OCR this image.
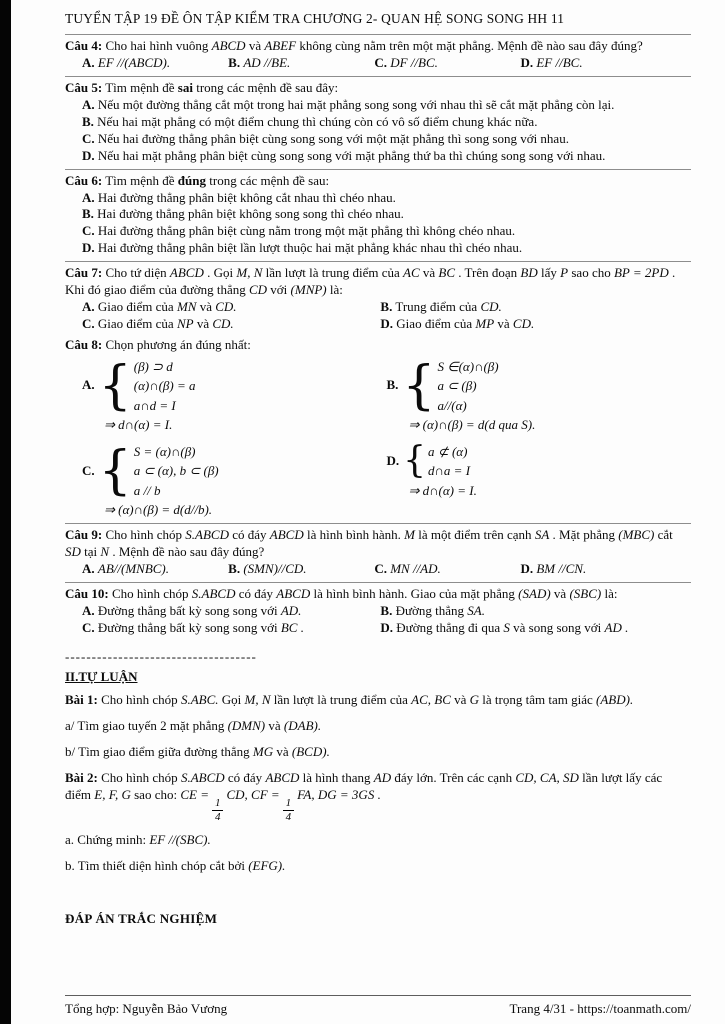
TUYỂN TẬP 19 ĐỀ ÔN TẬP KIỂM TRA CHƯƠNG 2- QUAN HỆ SONG SONG HH 11

Câu 4: Cho hai hình vuông ABCD và ABEF không cùng nằm trên một mặt phẳng. Mệnh đề nào sau đây đúng?

A. EF //(ABCD).	B. AD //BE.	C. DF //BC.	D. EF //BC.

Câu 5: Tìm mệnh đề sai trong các mệnh đề sau đây:

A. Nếu một đường thẳng cắt một trong hai mặt phẳng song song với nhau thì sẽ cắt mặt phẳng còn lại.
B. Nếu hai mặt phẳng có một điểm chung thì chúng còn có vô số điểm chung khác nữa.
C. Nếu hai đường thẳng phân biệt cùng song song với một mặt phẳng thì song song với nhau.
D. Nếu hai mặt phẳng phân biệt cùng song song với mặt phẳng thứ ba thì chúng song song với nhau.

Câu 6: Tìm mệnh đề đúng trong các mệnh đề sau:

A. Hai đường thẳng phân biệt không cắt nhau thì chéo nhau.
B. Hai đường thẳng phân biệt không song song thì chéo nhau.
C. Hai đường thẳng phân biệt cùng nằm trong một mặt phẳng thì không chéo nhau.
D. Hai đường thẳng phân biệt lần lượt thuộc hai mặt phẳng khác nhau thì chéo nhau.

Câu 7: Cho tứ diện ABCD . Gọi M, N lần lượt là trung điểm của AC và BC . Trên đoạn BD lấy P sao cho BP = 2PD . Khi đó giao điểm của đường thẳng CD với (MNP) là:

A. Giao điểm của MN và CD.	B. Trung điểm của CD.
C. Giao điểm của NP và CD.	D. Giao điểm của MP và CD.

Câu 8: Chọn phương án đúng nhất:

A. { (β) ⊃ d
(α)∩(β) = a
a∩d = I
⇒ d∩(α) = I.
B. { S ∈(α)∩(β)
a ⊂ (β)
a//(α)
⇒ (α)∩(β) = d(d qua S).
C. { S = (α)∩(β)
a ⊂ (α), b ⊂ (β)
a // b
⇒ (α)∩(β) = d(d//b).
D. { a ⊄ (α)
d∩a = I
⇒ d∩(α) = I.

Câu 9: Cho hình chóp S.ABCD có đáy ABCD là hình bình hành. M là một điểm trên cạnh SA . Mặt phẳng (MBC) cắt SD tại N . Mệnh đề nào sau đây đúng?

A. AB//(MNBC).	B. (SMN)//CD.	C. MN //AD.	D. BM //CN.

Câu 10: Cho hình chóp S.ABCD có đáy ABCD là hình bình hành. Giao của mặt phẳng (SAD) và (SBC) là:

A. Đường thẳng bất kỳ song song với AD.	B. Đường thẳng SA.
C. Đường thẳng bất kỳ song song với BC .	D. Đường thẳng đi qua S và song song với AD .
------------------------------------
II.TỰ LUẬN

Bài 1: Cho hình chóp S.ABC. Gọi M, N lần lượt là trung điểm của AC, BC và G là trọng tâm tam giác (ABD).

a/ Tìm giao tuyến 2 mặt phẳng (DMN) và (DAB).

b/ Tìm giao điểm giữa đường thẳng MG và (BCD).

Bài 2: Cho hình chóp S.ABCD có đáy ABCD là hình thang AD đáy lớn. Trên các cạnh CD, CA, SD lần lượt lấy các điểm E, F, G sao cho: CE =
$\frac{1}{4}$
CD, CF =
$\frac{1}{4}$
FA, DG = 3GS .

a. Chứng minh: EF //(SBC).

b. Tìm thiết diện hình chóp cắt bởi (EFG).

ĐÁP ÁN TRẮC NGHIỆM
Tổng hợp: Nguyễn Bảo Vương	Trang 4/31 - https://toanmath.com/
